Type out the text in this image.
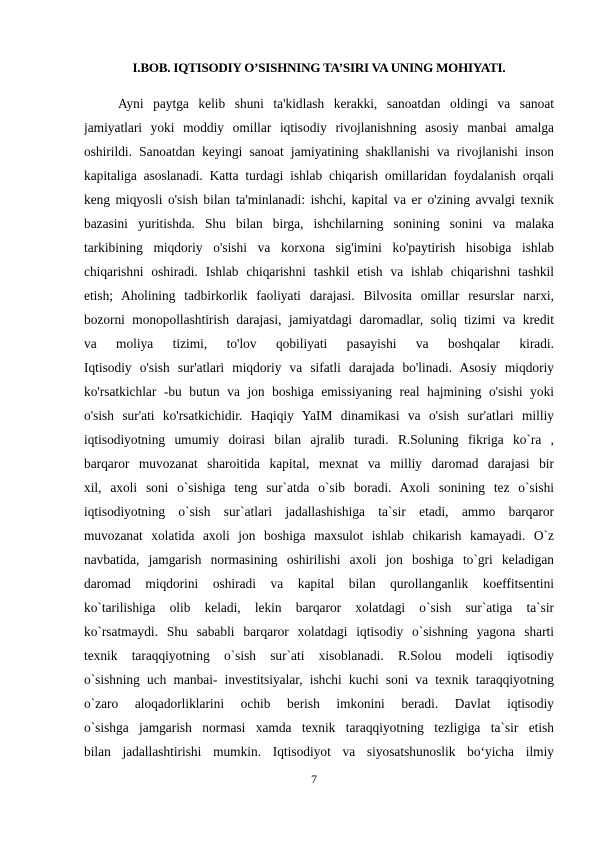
I.BOB. IQTISODIY O’SISHNING TA’SIRI VA UNING MOHIYATI.
Ayni paytga kelib shuni ta'kidlash kerakki, sanoatdan oldingi va sanoat
jamiyatlari yoki moddiy omillar iqtisodiy rivojlanishning asosiy manbai amalga
oshirildi. Sanoatdan keyingi sanoat jamiyatining shakllanishi va rivojlanishi inson
kapitaliga asoslanadi. Katta turdagi ishlab chiqarish omillaridan foydalanish orqali
keng miqyosli o'sish bilan ta'minlanadi: ishchi, kapital va er o'zining avvalgi texnik
bazasini yuritishda. Shu bilan birga, ishchilarning sonining sonini va malaka
tarkibining miqdoriy o'sishi va korxona sig'imini ko'paytirish hisobiga ishlab
chiqarishni oshiradi. Ishlab chiqarishni tashkil etish va ishlab chiqarishni tashkil
etish; Aholining tadbirkorlik faoliyati darajasi. Bilvosita omillar resurslar narxi,
bozorni monopollashtirish darajasi, jamiyatdagi daromadlar, soliq tizimi va kredit
va moliya tizimi, to'lov qobiliyati pasayishi va boshqalar kiradi.
Iqtisodiy o'sish sur'atlari miqdoriy va sifatli darajada bo'linadi. Asosiy miqdoriy
ko'rsatkichlar -bu butun va jon boshiga emissiyaning real hajmining o'sishi yoki
o'sish sur'ati ko'rsatkichidir. Haqiqiy YaIM dinamikasi va o'sish sur'atlari milliy
iqtisodiyotning umumiy doirasi bilan ajralib turadi. R.Soluning fikriga ko`ra ,
barqaror muvozanat sharoitida kapital, mexnat va milliy daromad darajasi bir
xil, axoli soni o`sishiga teng sur`atda o`sib boradi. Axoli sonining tez o`sishi
iqtisodiyotning o`sish sur`atlari jadallashishiga ta`sir etadi, ammo barqaror
muvozanat xolatida axoli jon boshiga maxsulot ishlab chikarish kamayadi. O`z
navbatida, jamgarish normasining oshirilishi axoli jon boshiga to`gri keladigan
daromad miqdorini oshiradi va kapital bilan qurollanganlik koeffitsentini
ko`tarilishiga olib keladi, lekin barqaror xolatdagi o`sish sur`atiga ta`sir
ko`rsatmaydi. Shu sababli barqaror xolatdagi iqtisodiy o`sishning yagona sharti
texnik taraqqiyotning o`sish sur`ati xisoblanadi. R.Solou modeli iqtisodiy
o`sishning uch manbai- investitsiyalar, ishchi kuchi soni va texnik taraqqiyotning
o`zaro aloqadorliklarini ochib berish imkonini beradi. Davlat iqtisodiy
o`sishga jamgarish normasi xamda texnik taraqqiyotning tezligiga ta`sir etish
bilan jadallashtirishi mumkin. Iqtisodiyot va siyosatshunoslik bo‘yicha ilmiy
7
